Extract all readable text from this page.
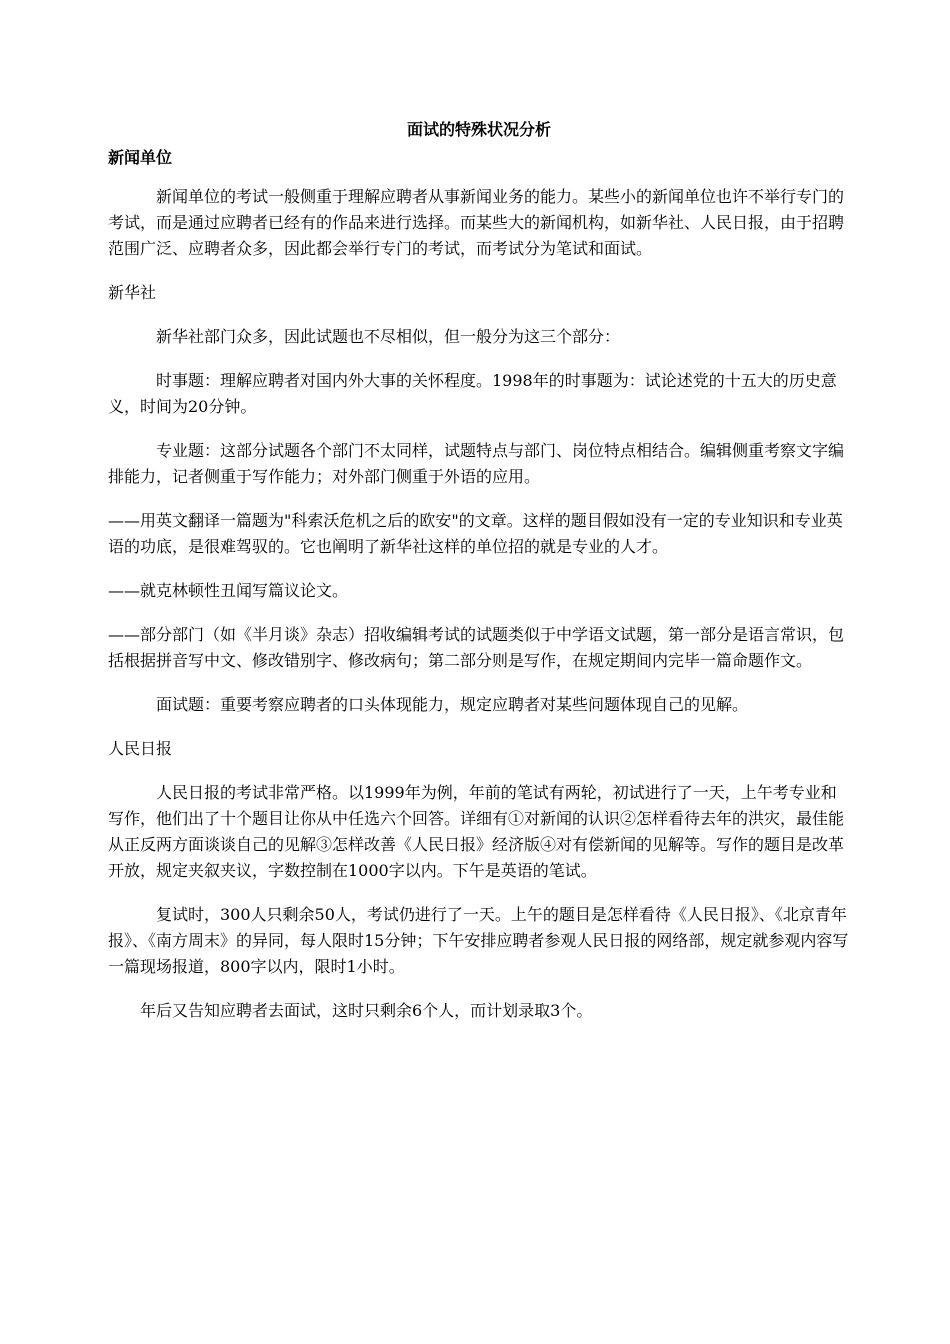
面试的特殊状况分析
新闻单位

新闻单位的考试一般侧重于理解应聘者从事新闻业务的能力。某些小的新闻单位也许不举行专门的考试，而是通过应聘者已经有的作品来进行选择。而某些大的新闻机构，如新华社、人民日报，由于招聘范围广泛、应聘者众多，因此都会举行专门的考试，而考试分为笔试和面试。

新华社

新华社部门众多，因此试题也不尽相似，但一般分为这三个部分：

时事题：理解应聘者对国内外大事的关怀程度。1998年的时事题为：试论述党的十五大的历史意义，时间为20分钟。

专业题：这部分试题各个部门不太同样，试题特点与部门、岗位特点相结合。编辑侧重考察文字编排能力，记者侧重于写作能力；对外部门侧重于外语的应用。

——用英文翻译一篇题为"科索沃危机之后的欧安"的文章。这样的题目假如没有一定的专业知识和专业英语的功底，是很难驾驭的。它也阐明了新华社这样的单位招的就是专业的人才。

——就克林顿性丑闻写篇议论文。

——部分部门（如《半月谈》杂志）招收编辑考试的试题类似于中学语文试题，第一部分是语言常识，包括根据拼音写中文、修改错别字、修改病句；第二部分则是写作，在规定期间内完毕一篇命题作文。

面试题：重要考察应聘者的口头体现能力，规定应聘者对某些问题体现自己的见解。

人民日报

人民日报的考试非常严格。以1999年为例，年前的笔试有两轮，初试进行了一天，上午考专业和写作，他们出了十个题目让你从中任选六个回答。详细有①对新闻的认识②怎样看待去年的洪灾，最佳能从正反两方面谈谈自己的见解③怎样改善《人民日报》经济版④对有偿新闻的见解等。写作的题目是改革开放，规定夹叙夹议，字数控制在1000字以内。下午是英语的笔试。

复试时，300人只剩余50人，考试仍进行了一天。上午的题目是怎样看待《人民日报》、《北京青年报》、《南方周末》的异同，每人限时15分钟；下午安排应聘者参观人民日报的网络部，规定就参观内容写一篇现场报道，800字以内，限时1小时。

年后又告知应聘者去面试，这时只剩余6个人，而计划录取3个。
